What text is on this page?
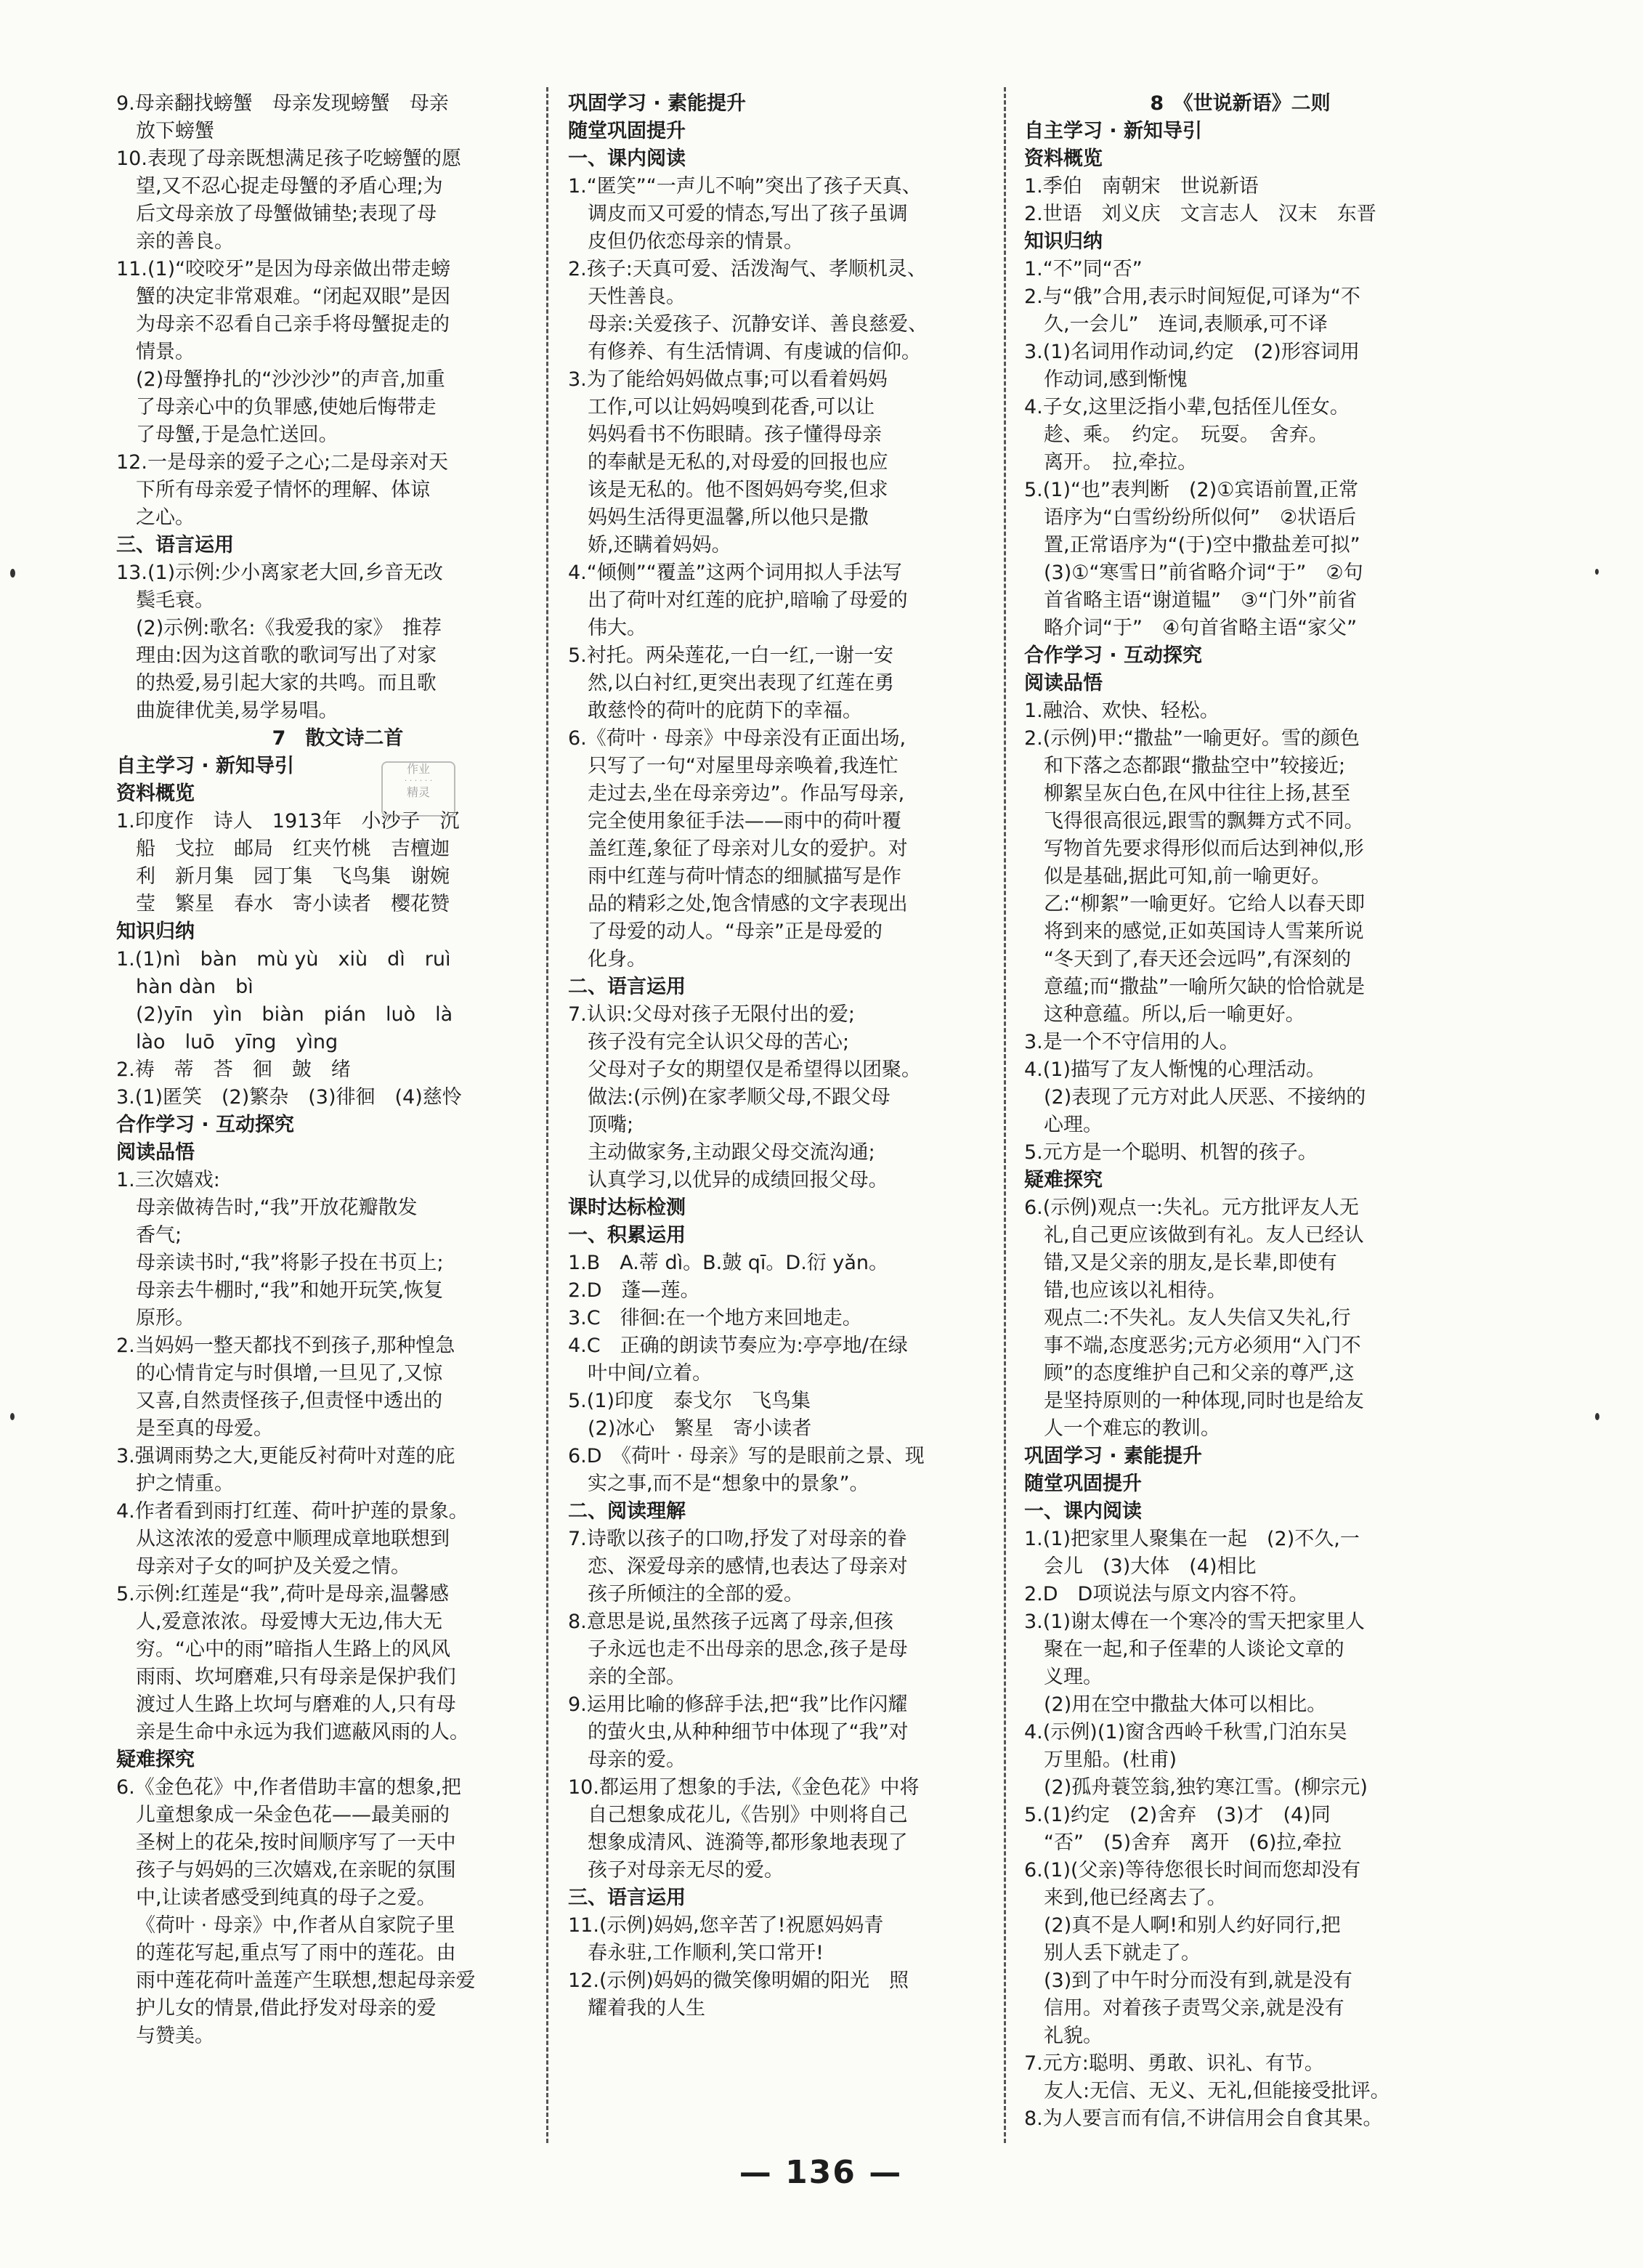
9.母亲翻找螃蟹　母亲发现螃蟹　母亲
放下螃蟹
10.表现了母亲既想满足孩子吃螃蟹的愿
望,又不忍心捉走母蟹的矛盾心理;为
后文母亲放了母蟹做铺垫;表现了母
亲的善良。
11.(1)“咬咬牙”是因为母亲做出带走螃
蟹的决定非常艰难。“闭起双眼”是因
为母亲不忍看自己亲手将母蟹捉走的
情景。
(2)母蟹挣扎的“沙沙沙”的声音,加重
了母亲心中的负罪感,使她后悔带走
了母蟹,于是急忙送回。
12.一是母亲的爱子之心;二是母亲对天
下所有母亲爱子情怀的理解、体谅
之心。
三、语言运用
13.(1)示例:少小离家老大回,乡音无改
鬓毛衰。
(2)示例:歌名:《我爱我的家》　推荐
理由:因为这首歌的歌词写出了对家
的热爱,易引起大家的共鸣。而且歌
曲旋律优美,易学易唱。
7　散文诗二首
自主学习 · 新知导引
资料概览
1.印度作　诗人　1913年　小沙子　沉
船　戈拉　邮局　红夹竹桃　吉檀迦
利　新月集　园丁集　飞鸟集　谢婉
莹　繁星　春水　寄小读者　樱花赞
知识归纳
1.(1)nì　bàn　mù yù　xiù　dì　ruì
hàn dàn　bì
(2)yīn　yìn　biàn　pián　luò　là
lào　luō　yīng　yìng
2.祷　蒂　荅　徊　皷　绪
3.(1)匿笑　(2)繁杂　(3)徘徊　(4)慈怜
合作学习 · 互动探究
阅读品悟
1.三次嬉戏:
母亲做祷告时,“我”开放花瓣散发
香气;
母亲读书时,“我”将影子投在书页上;
母亲去牛棚时,“我”和她开玩笑,恢复
原形。
2.当妈妈一整天都找不到孩子,那种惶急
的心情肯定与时俱增,一旦见了,又惊
又喜,自然责怪孩子,但责怪中透出的
是至真的母爱。
3.强调雨势之大,更能反衬荷叶对莲的庇
护之情重。
4.作者看到雨打红莲、荷叶护莲的景象。
从这浓浓的爱意中顺理成章地联想到
母亲对子女的呵护及关爱之情。
5.示例:红莲是“我”,荷叶是母亲,温馨感
人,爱意浓浓。母爱博大无边,伟大无
穷。“心中的雨”暗指人生路上的风风
雨雨、坎坷磨难,只有母亲是保护我们
渡过人生路上坎坷与磨难的人,只有母
亲是生命中永远为我们遮蔽风雨的人。
疑难探究
6.《金色花》中,作者借助丰富的想象,把
儿童想象成一朵金色花——最美丽的
圣树上的花朵,按时间顺序写了一天中
孩子与妈妈的三次嬉戏,在亲昵的氛围
中,让读者感受到纯真的母子之爱。
《荷叶 · 母亲》中,作者从自家院子里
的莲花写起,重点写了雨中的莲花。由
雨中莲花荷叶盖莲产生联想,想起母亲爱
护儿女的情景,借此抒发对母亲的爱
与赞美。
巩固学习 · 素能提升
随堂巩固提升
一、课内阅读
1.“匿笑”“一声儿不响”突出了孩子天真、
调皮而又可爱的情态,写出了孩子虽调
皮但仍依恋母亲的情景。
2.孩子:天真可爱、活泼淘气、孝顺机灵、
天性善良。
母亲:关爱孩子、沉静安详、善良慈爱、
有修养、有生活情调、有虔诚的信仰。
3.为了能给妈妈做点事;可以看着妈妈
工作,可以让妈妈嗅到花香,可以让
妈妈看书不伤眼睛。孩子懂得母亲
的奉献是无私的,对母爱的回报也应
该是无私的。他不图妈妈夸奖,但求
妈妈生活得更温馨,所以他只是撒
娇,还瞒着妈妈。
4.“倾侧”“覆盖”这两个词用拟人手法写
出了荷叶对红莲的庇护,暗喻了母爱的
伟大。
5.衬托。两朵莲花,一白一红,一谢一安
然,以白衬红,更突出表现了红莲在勇
敢慈怜的荷叶的庇荫下的幸福。
6.《荷叶 · 母亲》中母亲没有正面出场,
只写了一句“对屋里母亲唤着,我连忙
走过去,坐在母亲旁边”。作品写母亲,
完全使用象征手法——雨中的荷叶覆
盖红莲,象征了母亲对儿女的爱护。对
雨中红莲与荷叶情态的细腻描写是作
品的精彩之处,饱含情感的文字表现出
了母爱的动人。“母亲”正是母爱的
化身。
二、语言运用
7.认识:父母对孩子无限付出的爱;
孩子没有完全认识父母的苦心;
父母对子女的期望仅是希望得以团聚。
做法:(示例)在家孝顺父母,不跟父母
顶嘴;
主动做家务,主动跟父母交流沟通;
认真学习,以优异的成绩回报父母。
课时达标检测
一、积累运用
1.B　A.蒂 dì。B.皷 qī。D.衍 yǎn。
2.D　蓬—莲。
3.C　徘徊:在一个地方来回地走。
4.C　正确的朗读节奏应为:亭亭地/在绿
叶中间/立着。
5.(1)印度　泰戈尔　飞鸟集
(2)冰心　繁星　寄小读者
6.D　《荷叶 · 母亲》写的是眼前之景、现
实之事,而不是“想象中的景象”。
二、阅读理解
7.诗歌以孩子的口吻,抒发了对母亲的眷
恋、深爱母亲的感情,也表达了母亲对
孩子所倾注的全部的爱。
8.意思是说,虽然孩子远离了母亲,但孩
子永远也走不出母亲的思念,孩子是母
亲的全部。
9.运用比喻的修辞手法,把“我”比作闪耀
的萤火虫,从种种细节中体现了“我”对
母亲的爱。
10.都运用了想象的手法,《金色花》中将
自己想象成花儿,《告别》中则将自己
想象成清风、涟漪等,都形象地表现了
孩子对母亲无尽的爱。
三、语言运用
11.(示例)妈妈,您辛苦了!祝愿妈妈青
春永驻,工作顺利,笑口常开!
12.(示例)妈妈的微笑像明媚的阳光　照
耀着我的人生
8　《世说新语》二则
自主学习 · 新知导引
资料概览
1.季伯　南朝宋　世说新语
2.世语　刘义庆　文言志人　汉末　东晋
知识归纳
1.“不”同“否”
2.与“俄”合用,表示时间短促,可译为“不
久,一会儿”　连词,表顺承,可不译
3.(1)名词用作动词,约定　(2)形容词用
作动词,感到惭愧
4.子女,这里泛指小辈,包括侄儿侄女。
趁、乘。　约定。　玩耍。　舍弃。
离开。　拉,牵拉。
5.(1)“也”表判断　(2)①宾语前置,正常
语序为“白雪纷纷所似何”　②状语后
置,正常语序为“(于)空中撒盐差可拟”
(3)①“寒雪日”前省略介词“于”　②句
首省略主语“谢道韫”　③“门外”前省
略介词“于”　④句首省略主语“家父”
合作学习 · 互动探究
阅读品悟
1.融洽、欢快、轻松。
2.(示例)甲:“撒盐”一喻更好。雪的颜色
和下落之态都跟“撒盐空中”较接近;
柳絮呈灰白色,在风中往往上扬,甚至
飞得很高很远,跟雪的飘舞方式不同。
写物首先要求得形似而后达到神似,形
似是基础,据此可知,前一喻更好。
乙:“柳絮”一喻更好。它给人以春天即
将到来的感觉,正如英国诗人雪莱所说
“冬天到了,春天还会远吗”,有深刻的
意蕴;而“撒盐”一喻所欠缺的恰恰就是
这种意蕴。所以,后一喻更好。
3.是一个不守信用的人。
4.(1)描写了友人惭愧的心理活动。
(2)表现了元方对此人厌恶、不接纳的
心理。
5.元方是一个聪明、机智的孩子。
疑难探究
6.(示例)观点一:失礼。元方批评友人无
礼,自己更应该做到有礼。友人已经认
错,又是父亲的朋友,是长辈,即使有
错,也应该以礼相待。
观点二:不失礼。友人失信又失礼,行
事不端,态度恶劣;元方必须用“入门不
顾”的态度维护自己和父亲的尊严,这
是坚持原则的一种体现,同时也是给友
人一个难忘的教训。
巩固学习 · 素能提升
随堂巩固提升
一、课内阅读
1.(1)把家里人聚集在一起　(2)不久,一
会儿　(3)大体　(4)相比
2.D　D项说法与原文内容不符。
3.(1)谢太傅在一个寒冷的雪天把家里人
聚在一起,和子侄辈的人谈论文章的
义理。
(2)用在空中撒盐大体可以相比。
4.(示例)(1)窗含西岭千秋雪,门泊东吴
万里船。(杜甫)
(2)孤舟蓑笠翁,独钓寒江雪。(柳宗元)
5.(1)约定　(2)舍弃　(3)才　(4)同
“否”　(5)舍弃　离开　(6)拉,牵拉
6.(1)(父亲)等待您很长时间而您却没有
来到,他已经离去了。
(2)真不是人啊!和别人约好同行,把
别人丢下就走了。
(3)到了中午时分而没有到,就是没有
信用。对着孩子责骂父亲,就是没有
礼貌。
7.元方:聪明、勇敢、识礼、有节。
友人:无信、无义、无礼,但能接受批评。
8.为人要言而有信,不讲信用会自食其果。
作业
· · · · · ·
精灵
— 136 —
